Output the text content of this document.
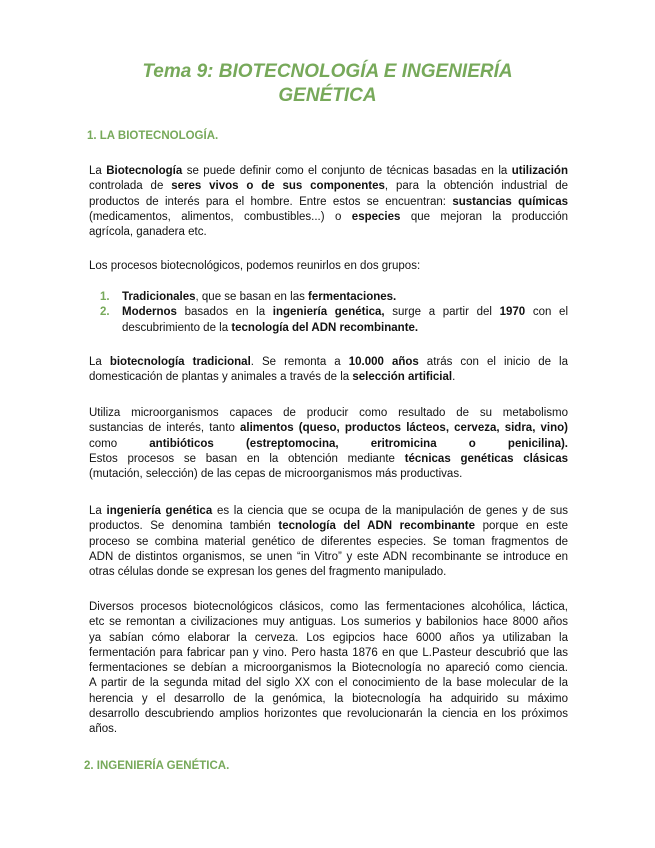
Tema 9: BIOTECNOLOGÍA E INGENIERÍA
GENÉTICA
1. LA BIOTECNOLOGÍA.
La Biotecnología se puede definir como el conjunto de técnicas basadas en la utilización
controlada de seres vivos o de sus componentes, para la obtención industrial de
productos de interés para el hombre. Entre estos se encuentran: sustancias químicas
(medicamentos, alimentos, combustibles...) o especies que mejoran la producción
agrícola, ganadera etc.
Los procesos biotecnológicos, podemos reunirlos en dos grupos:
1. Tradicionales, que se basan en las fermentaciones.
2. Modernos basados en la ingeniería genética, surge a partir del 1970 con el
descubrimiento de la tecnología del ADN recombinante.
La biotecnología tradicional. Se remonta a 10.000 años atrás con el inicio de la
domesticación de plantas y animales a través de la selección artificial.
Utiliza microorganismos capaces de producir como resultado de su metabolismo
sustancias de interés, tanto alimentos (queso, productos lácteos, cerveza, sidra, vino)
como antibióticos (estreptomocina, eritromicina o penicilina).
Estos procesos se basan en la obtención mediante técnicas genéticas clásicas
(mutación, selección) de las cepas de microorganismos más productivas.
La ingeniería genética es la ciencia que se ocupa de la manipulación de genes y de sus
productos. Se denomina también tecnología del ADN recombinante porque en este
proceso se combina material genético de diferentes especies. Se toman fragmentos de
ADN de distintos organismos, se unen “in Vitro” y este ADN recombinante se introduce en
otras células donde se expresan los genes del fragmento manipulado.
Diversos procesos biotecnológicos clásicos, como las fermentaciones alcohólica, láctica,
etc se remontan a civilizaciones muy antiguas. Los sumerios y babilonios hace 8000 años
ya sabían cómo elaborar la cerveza. Los egipcios hace 6000 años ya utilizaban la
fermentación para fabricar pan y vino. Pero hasta 1876 en que L.Pasteur descubrió que las
fermentaciones se debían a microorganismos la Biotecnología no apareció como ciencia.
A partir de la segunda mitad del siglo XX con el conocimiento de la base molecular de la
herencia y el desarrollo de la genómica, la biotecnología ha adquirido su máximo
desarrollo descubriendo amplios horizontes que revolucionarán la ciencia en los próximos
años.
2. INGENIERÍA GENÉTICA.
